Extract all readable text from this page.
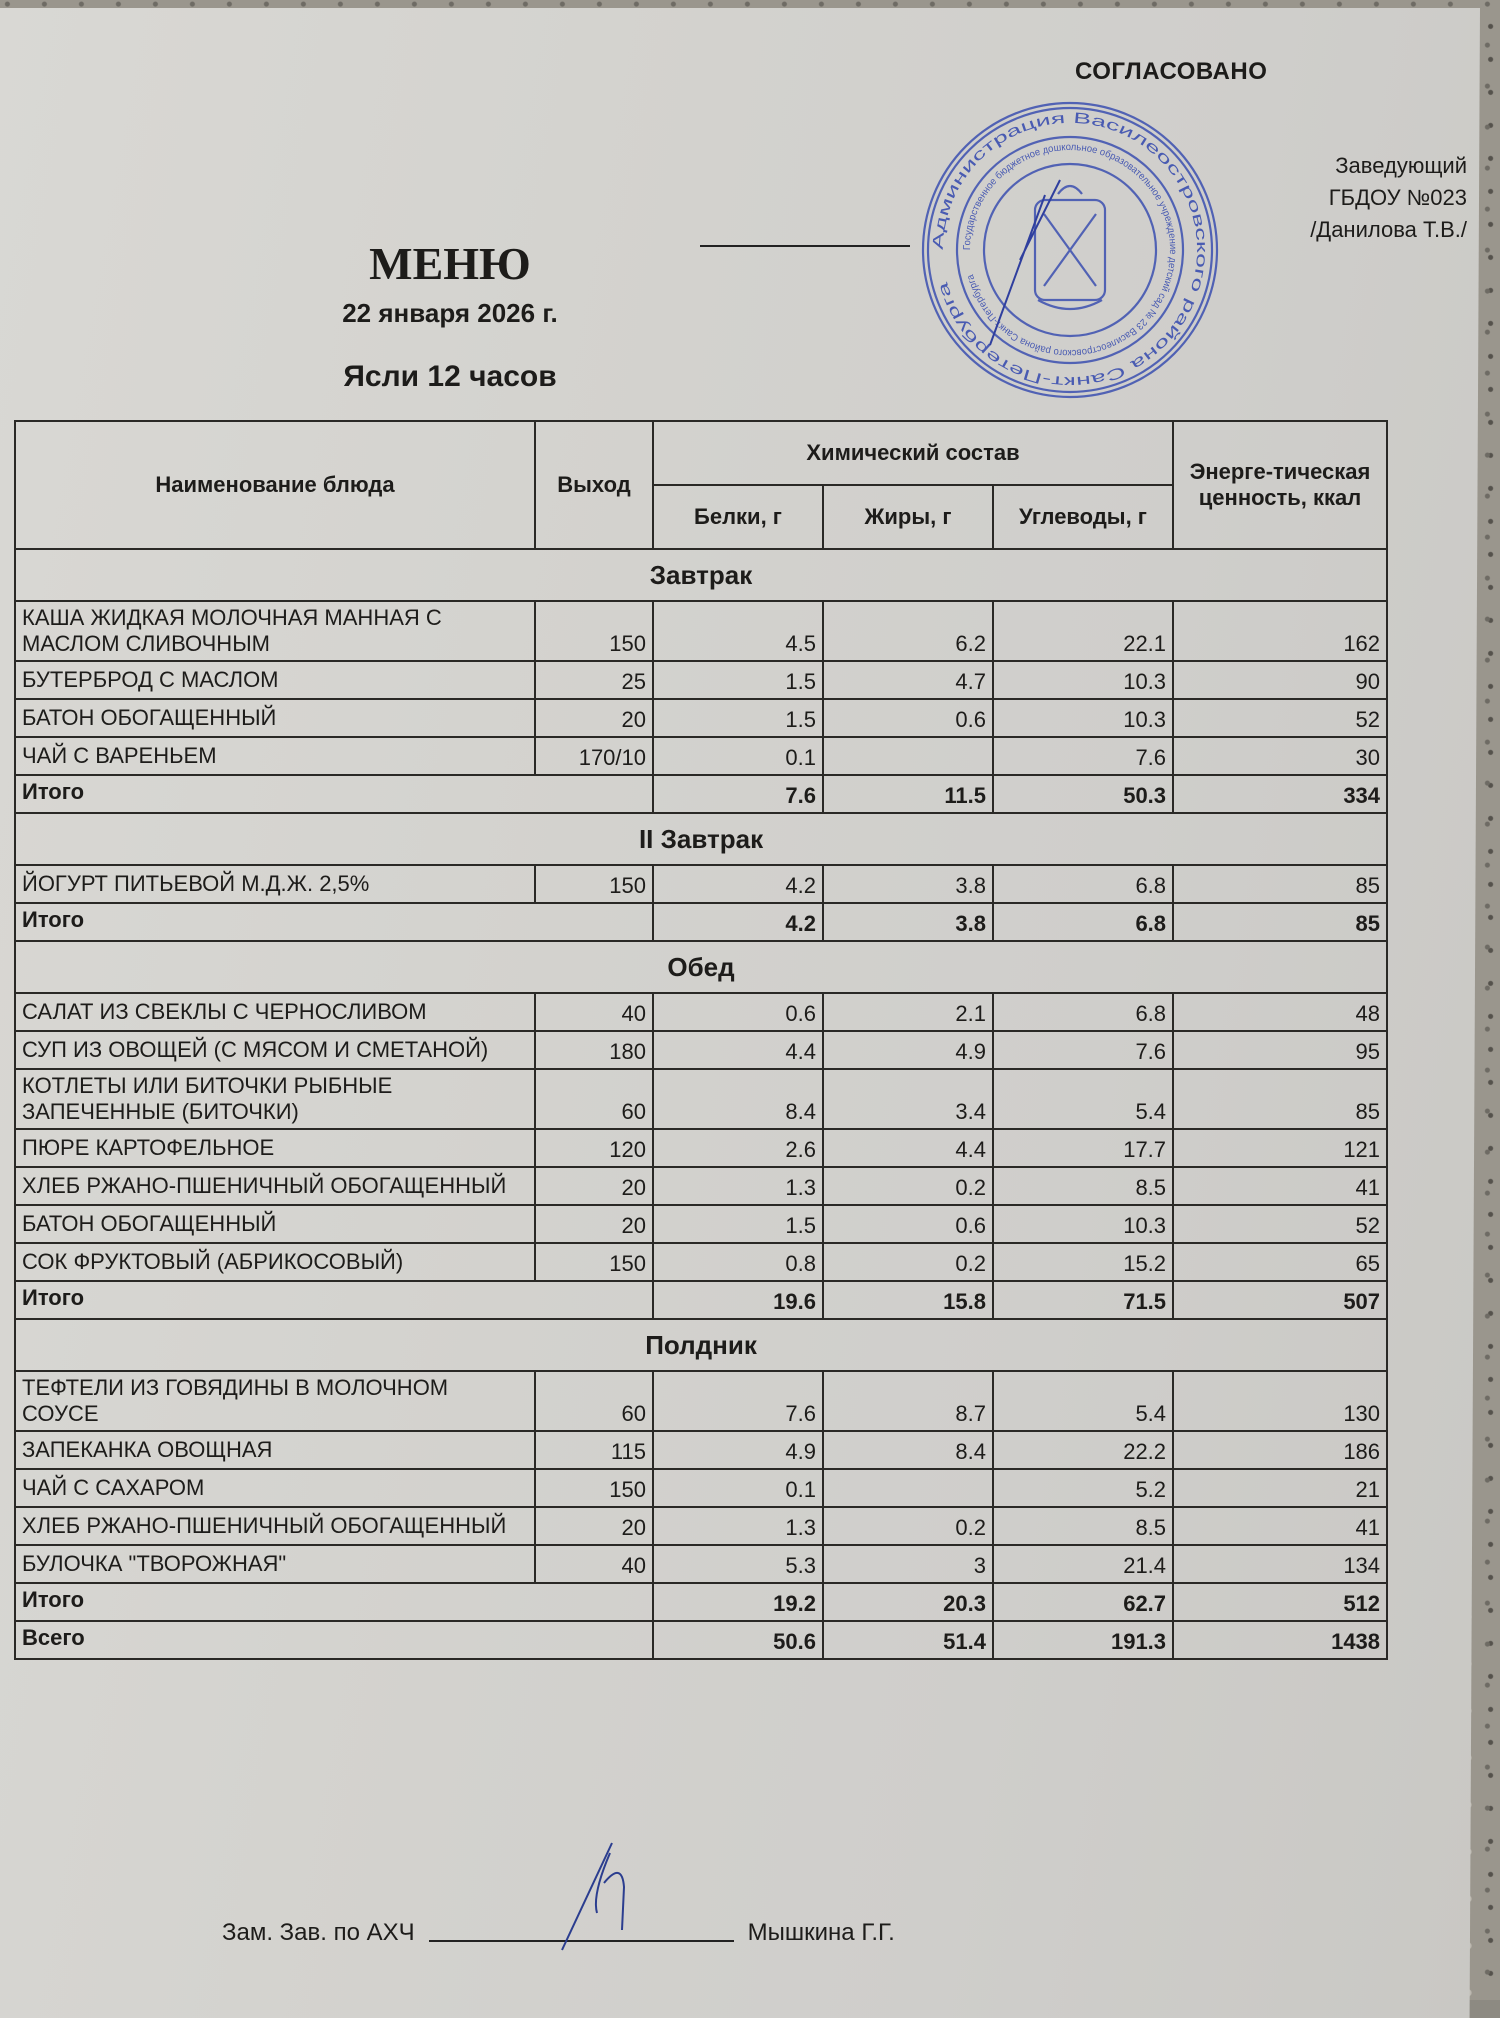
СОГЛАСОВАНО
Администрация Василеостровского района Санкт-Петербурга
Государственное бюджетное дошкольное образовательное учреждение детский сад № 23 Василеостровского района Санкт-Петербурга
Заведующий
ГБДОУ №023
/Данилова Т.В./
МЕНЮ
22 января 2026 г.
Ясли 12 часов
Наименование блюда	Выход	Химический состав			Энерге-тическая ценность, ккал
		Белки, г	Жиры, г	Углеводы, г	
Завтрак					
КАША ЖИДКАЯ МОЛОЧНАЯ МАННАЯ С МАСЛОМ СЛИВОЧНЫМ	150	4.5	6.2	22.1	162
БУТЕРБРОД С МАСЛОМ	25	1.5	4.7	10.3	90
БАТОН ОБОГАЩЕННЫЙ	20	1.5	0.6	10.3	52
ЧАЙ С ВАРЕНЬЕМ	170/10	0.1		7.6	30
Итого		7.6	11.5	50.3	334
II Завтрак					
ЙОГУРТ ПИТЬЕВОЙ М.Д.Ж. 2,5%	150	4.2	3.8	6.8	85
Итого		4.2	3.8	6.8	85
Обед					
САЛАТ ИЗ СВЕКЛЫ С ЧЕРНОСЛИВОМ	40	0.6	2.1	6.8	48
СУП ИЗ ОВОЩЕЙ (С МЯСОМ И СМЕТАНОЙ)	180	4.4	4.9	7.6	95
КОТЛЕТЫ ИЛИ БИТОЧКИ РЫБНЫЕ ЗАПЕЧЕННЫЕ (БИТОЧКИ)	60	8.4	3.4	5.4	85
ПЮРЕ КАРТОФЕЛЬНОЕ	120	2.6	4.4	17.7	121
ХЛЕБ РЖАНО-ПШЕНИЧНЫЙ ОБОГАЩЕННЫЙ	20	1.3	0.2	8.5	41
БАТОН ОБОГАЩЕННЫЙ	20	1.5	0.6	10.3	52
СОК ФРУКТОВЫЙ (АБРИКОСОВЫЙ)	150	0.8	0.2	15.2	65
Итого		19.6	15.8	71.5	507
Полдник					
ТЕФТЕЛИ ИЗ ГОВЯДИНЫ В МОЛОЧНОМ СОУСЕ	60	7.6	8.7	5.4	130
ЗАПЕКАНКА ОВОЩНАЯ	115	4.9	8.4	22.2	186
ЧАЙ С САХАРОМ	150	0.1		5.2	21
ХЛЕБ РЖАНО-ПШЕНИЧНЫЙ ОБОГАЩЕННЫЙ	20	1.3	0.2	8.5	41
БУЛОЧКА "ТВОРОЖНАЯ"	40	5.3	3	21.4	134
Итого		19.2	20.3	62.7	512
Всего		50.6	51.4	191.3	1438
Зам. Зав. по АХЧ	Мышкина Г.Г.
